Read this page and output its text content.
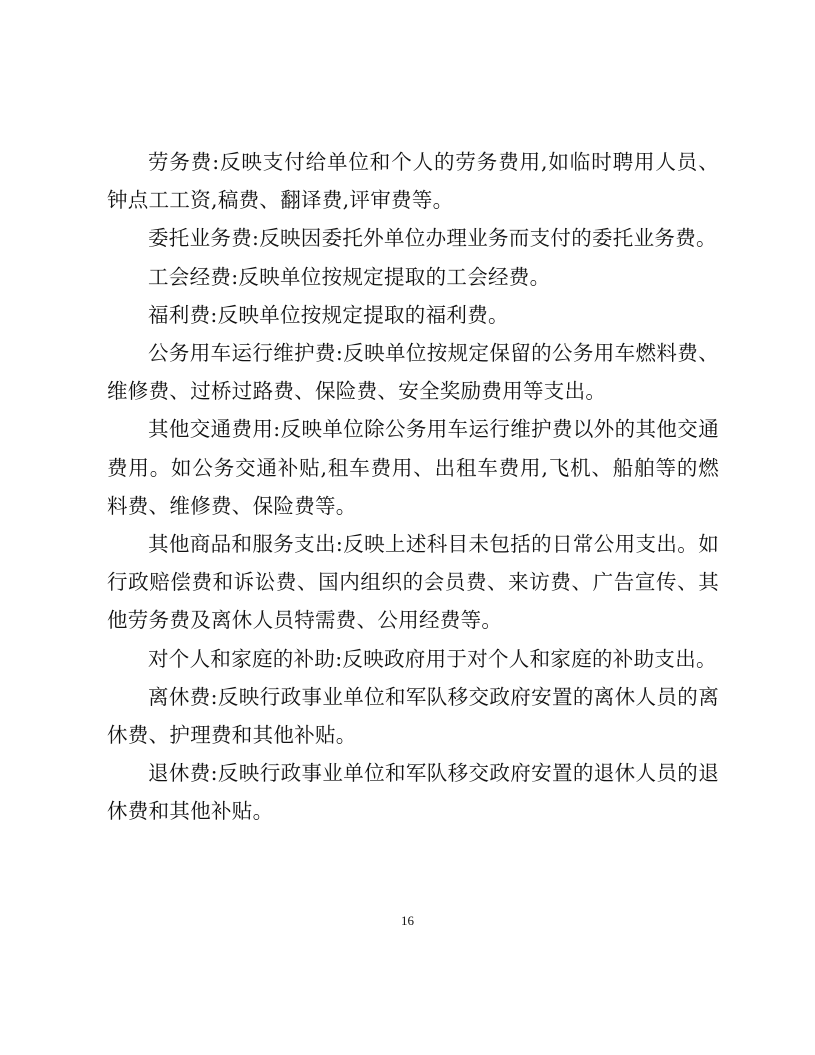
劳务费:反映支付给单位和个人的劳务费用,如临时聘用人员、钟点工工资,稿费、翻译费,评审费等。

委托业务费:反映因委托外单位办理业务而支付的委托业务费。

工会经费:反映单位按规定提取的工会经费。

福利费:反映单位按规定提取的福利费。

公务用车运行维护费:反映单位按规定保留的公务用车燃料费、维修费、过桥过路费、保险费、安全奖励费用等支出。

其他交通费用:反映单位除公务用车运行维护费以外的其他交通费用。如公务交通补贴,租车费用、出租车费用,飞机、船舶等的燃料费、维修费、保险费等。

其他商品和服务支出:反映上述科目未包括的日常公用支出。如行政赔偿费和诉讼费、国内组织的会员费、来访费、广告宣传、其他劳务费及离休人员特需费、公用经费等。

对个人和家庭的补助:反映政府用于对个人和家庭的补助支出。

离休费:反映行政事业单位和军队移交政府安置的离休人员的离休费、护理费和其他补贴。

退休费:反映行政事业单位和军队移交政府安置的退休人员的退休费和其他补贴。

16
